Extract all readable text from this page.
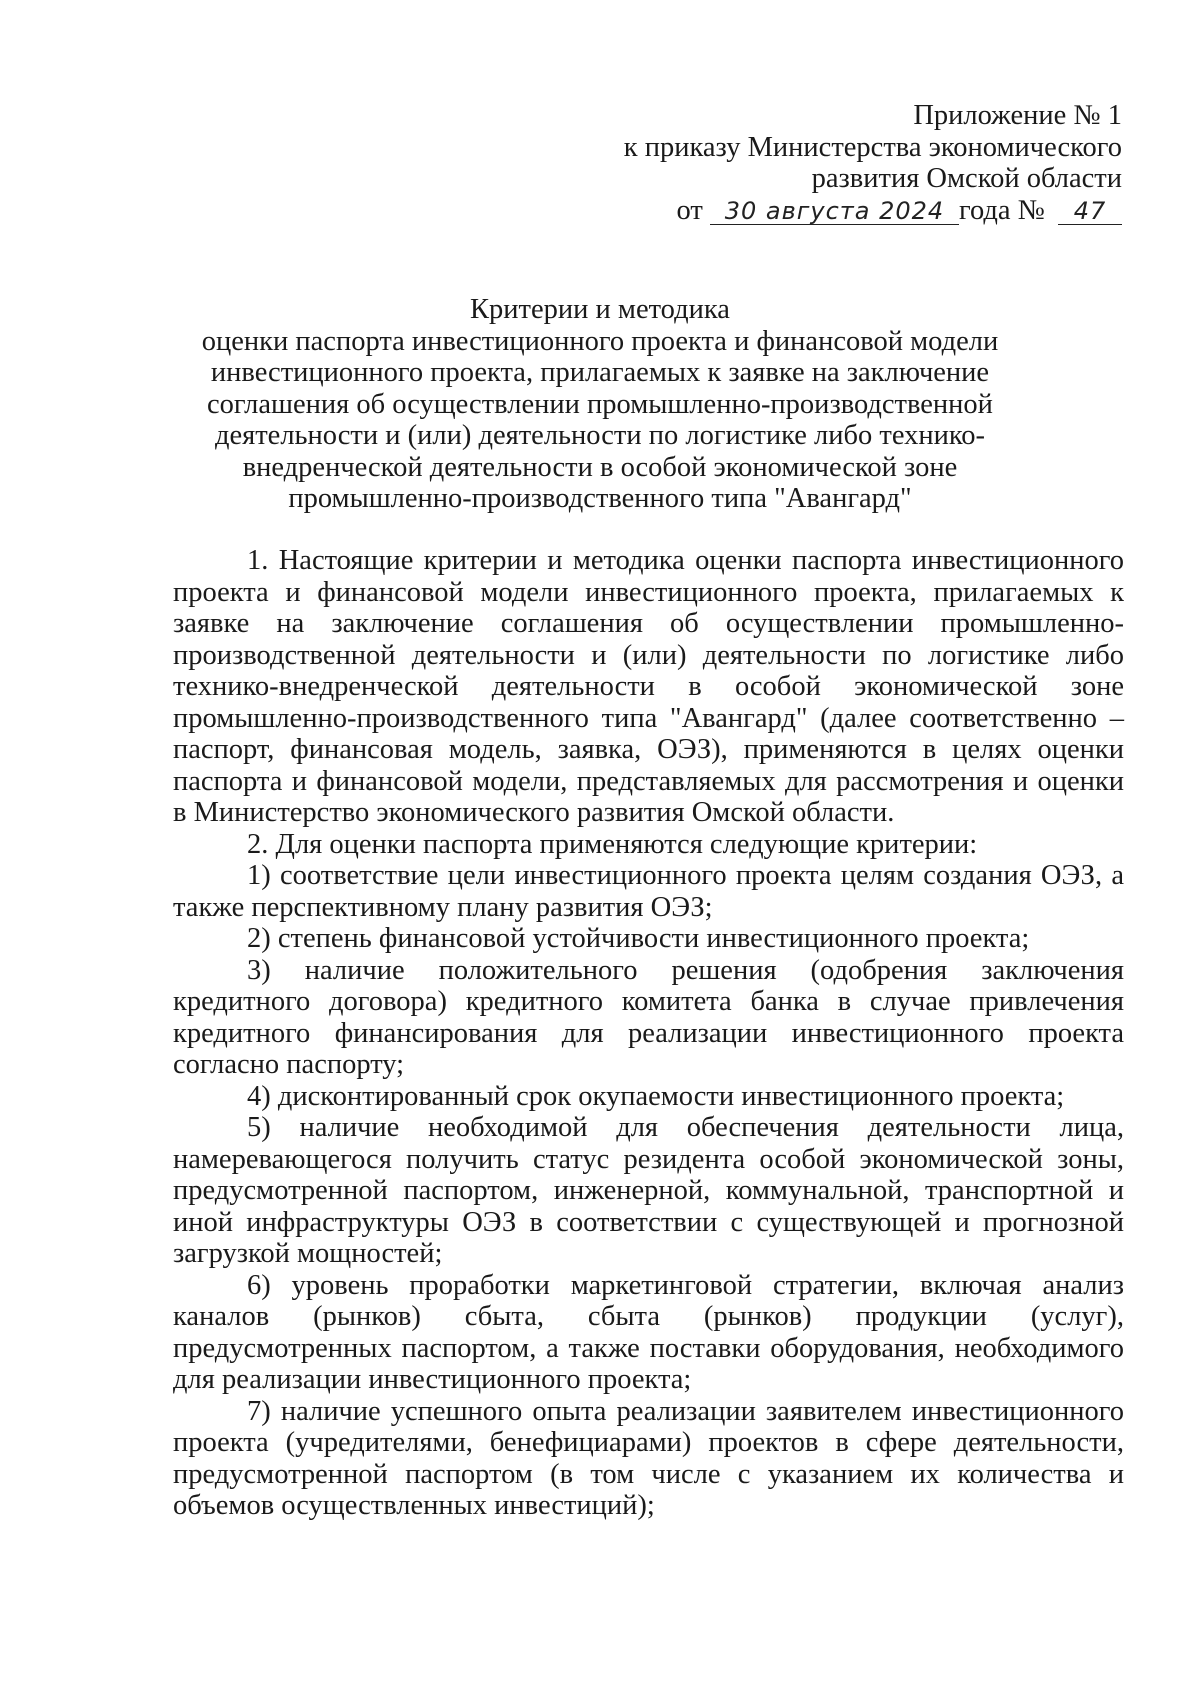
Приложение № 1
к приказу Министерства экономического
развития Омской области
от 30 августа 2024 года № 47
Критерии и методика
оценки паспорта инвестиционного проекта и финансовой модели
инвестиционного проекта, прилагаемых к заявке на заключение
соглашения об осуществлении промышленно-производственной
деятельности и (или) деятельности по логистике либо технико-
внедренческой деятельности в особой экономической зоне
промышленно-производственного типа "Авангард"

1. Настоящие критерии и методика оценки паспорта инвестиционного проекта и финансовой модели инвестиционного проекта, прилагаемых к заявке на заключение соглашения об осуществлении промышленно-производственной деятельности и (или) деятельности по логистике либо технико-внедренческой деятельности в особой экономической зоне промышленно-производственного типа "Авангард" (далее соответственно – паспорт, финансовая модель, заявка, ОЭЗ), применяются в целях оценки паспорта и финансовой модели, представляемых для рассмотрения и оценки в Министерство экономического развития Омской области.

2. Для оценки паспорта применяются следующие критерии:

1) соответствие цели инвестиционного проекта целям создания ОЭЗ, а также перспективному плану развития ОЭЗ;

2) степень финансовой устойчивости инвестиционного проекта;

3) наличие положительного решения (одобрения заключения кредитного договора) кредитного комитета банка в случае привлечения кредитного финансирования для реализации инвестиционного проекта согласно паспорту;

4) дисконтированный срок окупаемости инвестиционного проекта;

5) наличие необходимой для обеспечения деятельности лица, намеревающегося получить статус резидента особой экономической зоны, предусмотренной паспортом, инженерной, коммунальной, транспортной и иной инфраструктуры ОЭЗ в соответствии с существующей и прогнозной загрузкой мощностей;

6) уровень проработки маркетинговой стратегии, включая анализ каналов (рынков) сбыта, сбыта (рынков) продукции (услуг), предусмотренных паспортом, а также поставки оборудования, необходимого для реализации инвестиционного проекта;

7) наличие успешного опыта реализации заявителем инвестиционного проекта (учредителями, бенефициарами) проектов в сфере деятельности, предусмотренной паспортом (в том числе с указанием их количества и объемов осуществленных инвестиций);
